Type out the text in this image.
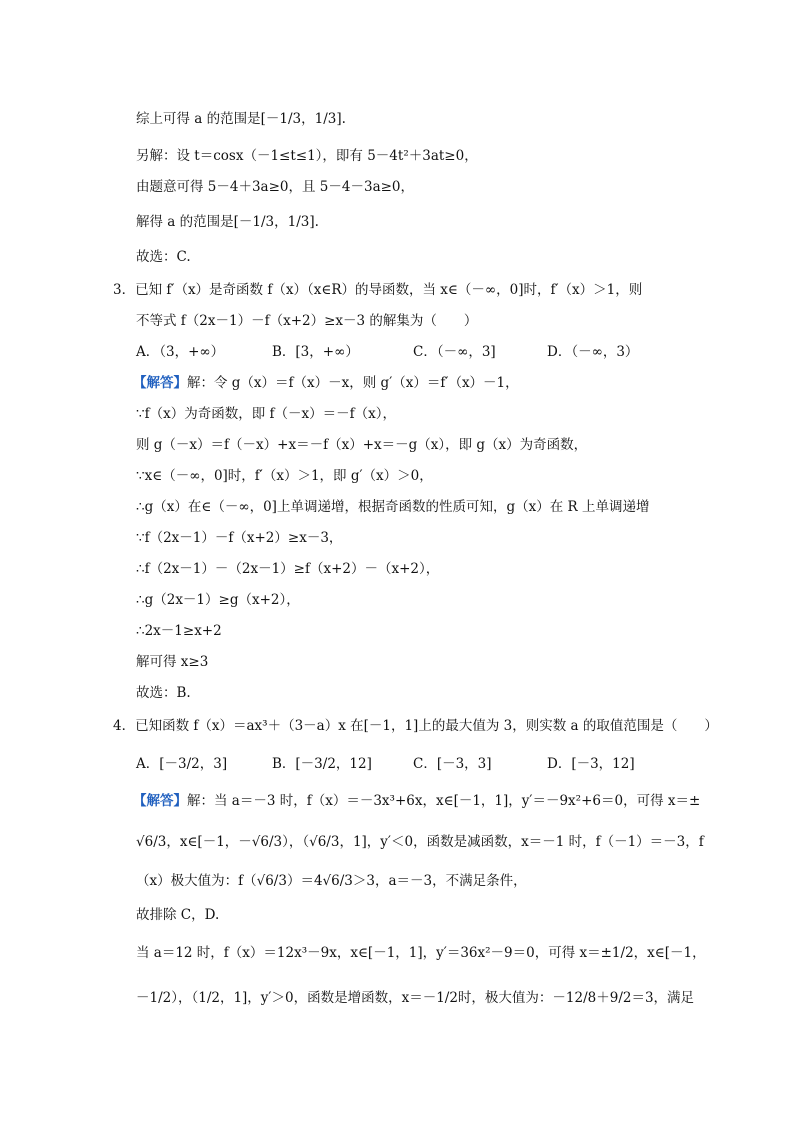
综上可得 a 的范围是[－1/3，1/3].
另解：设 t＝cosx（－1≤t≤1），即有 5－4t²＋3at≥0，
由题意可得 5－4＋3a≥0，且 5－4－3a≥0，
解得 a 的范围是[－1/3，1/3].
故选：C.
3．已知 f′（x）是奇函数 f（x）（x∈R）的导函数，当 x∈（－∞，0]时，f′（x）＞1，则
不等式 f（2x－1）－f（x+2）≥x－3 的解集为（　　）
A．（3，+∞）	B．[3，+∞）	C．（－∞，3]	D．（－∞，3）
【解答】解：令 g（x）＝f（x）－x，则 g′（x）＝f′（x）－1，
∵f（x）为奇函数，即 f（－x）＝－f（x），
则 g（－x）＝f（－x）+x＝－f（x）+x＝－g（x），即 g（x）为奇函数，
∵x∈（－∞，0]时，f′（x）＞1，即 g′（x）＞0，
∴g（x）在∈（－∞，0]上单调递增，根据奇函数的性质可知，g（x）在 R 上单调递增
∵f（2x－1）－f（x+2）≥x－3，
∴f（2x－1）－（2x－1）≥f（x+2）－（x+2），
∴g（2x－1）≥g（x+2），
∴2x－1≥x+2
解可得 x≥3
故选：B.
4．已知函数 f（x）＝ax³＋（3－a）x 在[－1，1]上的最大值为 3，则实数 a 的取值范围是（　　）
A．[－3/2，3]	B．[－3/2，12]	C．[－3，3]	D．[－3，12]
【解答】解：当 a＝－3 时，f（x）＝－3x³+6x，x∈[－1，1]，y′＝－9x²+6＝0，可得 x＝±
√6/3，x∈[－1，－√6/3），（√6/3，1]，y′＜0，函数是减函数，x＝－1 时，f（－1）＝－3，f
（x）极大值为：f（√6/3）＝4√6/3＞3，a＝－3，不满足条件，
故排除 C，D.
当 a＝12 时，f（x）＝12x³－9x，x∈[－1，1]，y′＝36x²－9＝0，可得 x＝±1/2，x∈[－1，
－1/2），（1/2，1]，y′＞0，函数是增函数，x＝－1/2时，极大值为：－12/8＋9/2＝3，满足
